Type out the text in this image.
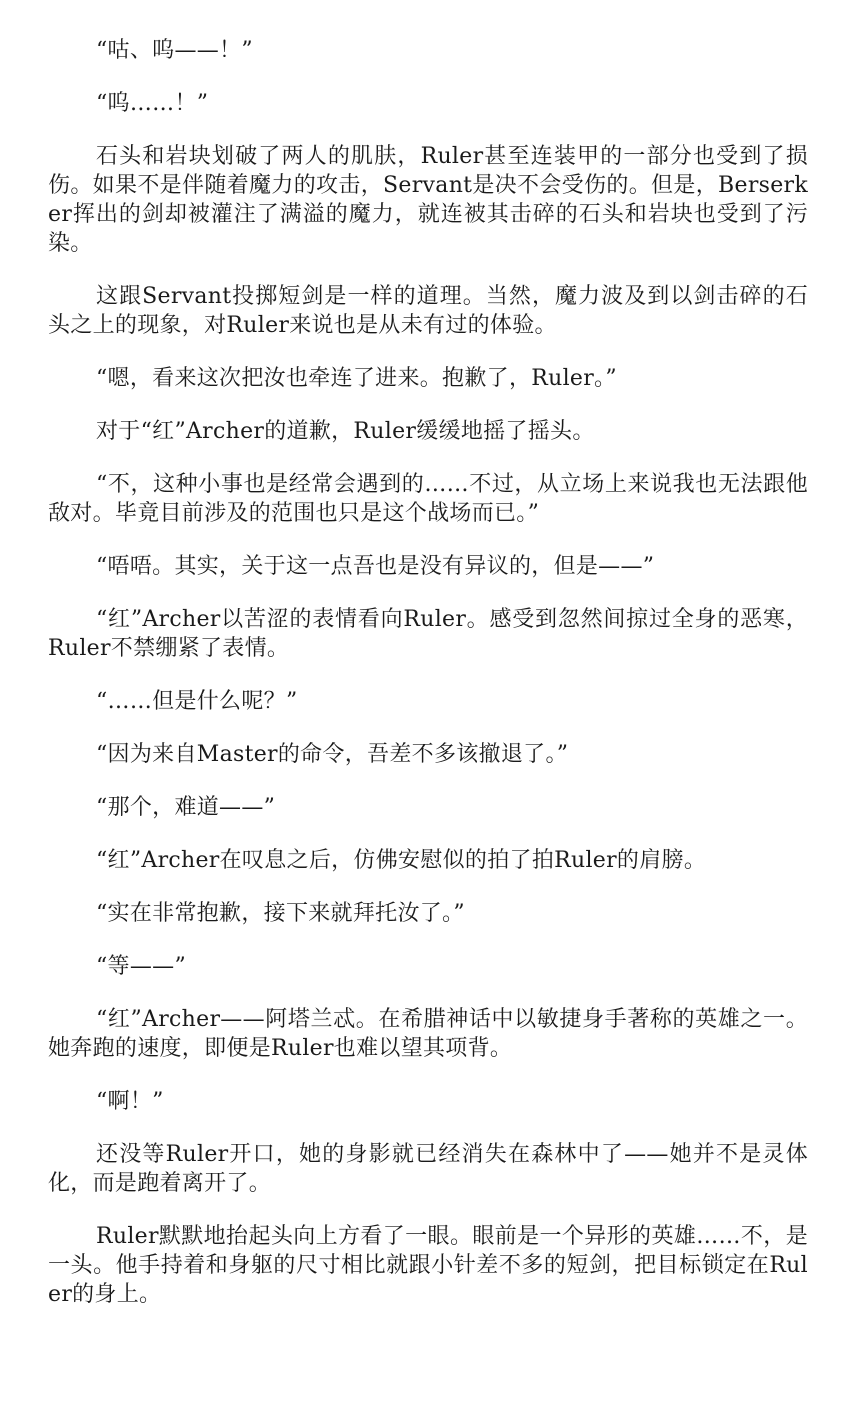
“咕、呜——！”

“呜……！”

石头和岩块划破了两人的肌肤，Ruler甚至连装甲的一部分也受到了损伤。如果不是伴随着魔力的攻击，Servant是决不会受伤的。但是，Berserker挥出的剑却被灌注了满溢的魔力，就连被其击碎的石头和岩块也受到了污染。

这跟Servant投掷短剑是一样的道理。当然，魔力波及到以剑击碎的石头之上的现象，对Ruler来说也是从未有过的体验。

“嗯，看来这次把汝也牵连了进来。抱歉了，Ruler。”

对于“红”Archer的道歉，Ruler缓缓地摇了摇头。

“不，这种小事也是经常会遇到的……不过，从立场上来说我也无法跟他敌对。毕竟目前涉及的范围也只是这个战场而已。”

“唔唔。其实，关于这一点吾也是没有异议的，但是——”

“红”Archer以苦涩的表情看向Ruler。感受到忽然间掠过全身的恶寒，Ruler不禁绷紧了表情。

“……但是什么呢？”

“因为来自Master的命令，吾差不多该撤退了。”

“那个，难道——”

“红”Archer在叹息之后，仿佛安慰似的拍了拍Ruler的肩膀。

“实在非常抱歉，接下来就拜托汝了。”

“等——”

“红”Archer——阿塔兰忒。在希腊神话中以敏捷身手著称的英雄之一。她奔跑的速度，即便是Ruler也难以望其项背。

“啊！”

还没等Ruler开口，她的身影就已经消失在森林中了——她并不是灵体化，而是跑着离开了。

Ruler默默地抬起头向上方看了一眼。眼前是一个异形的英雄……不，是一头。他手持着和身躯的尺寸相比就跟小针差不多的短剑，把目标锁定在Ruler的身上。
